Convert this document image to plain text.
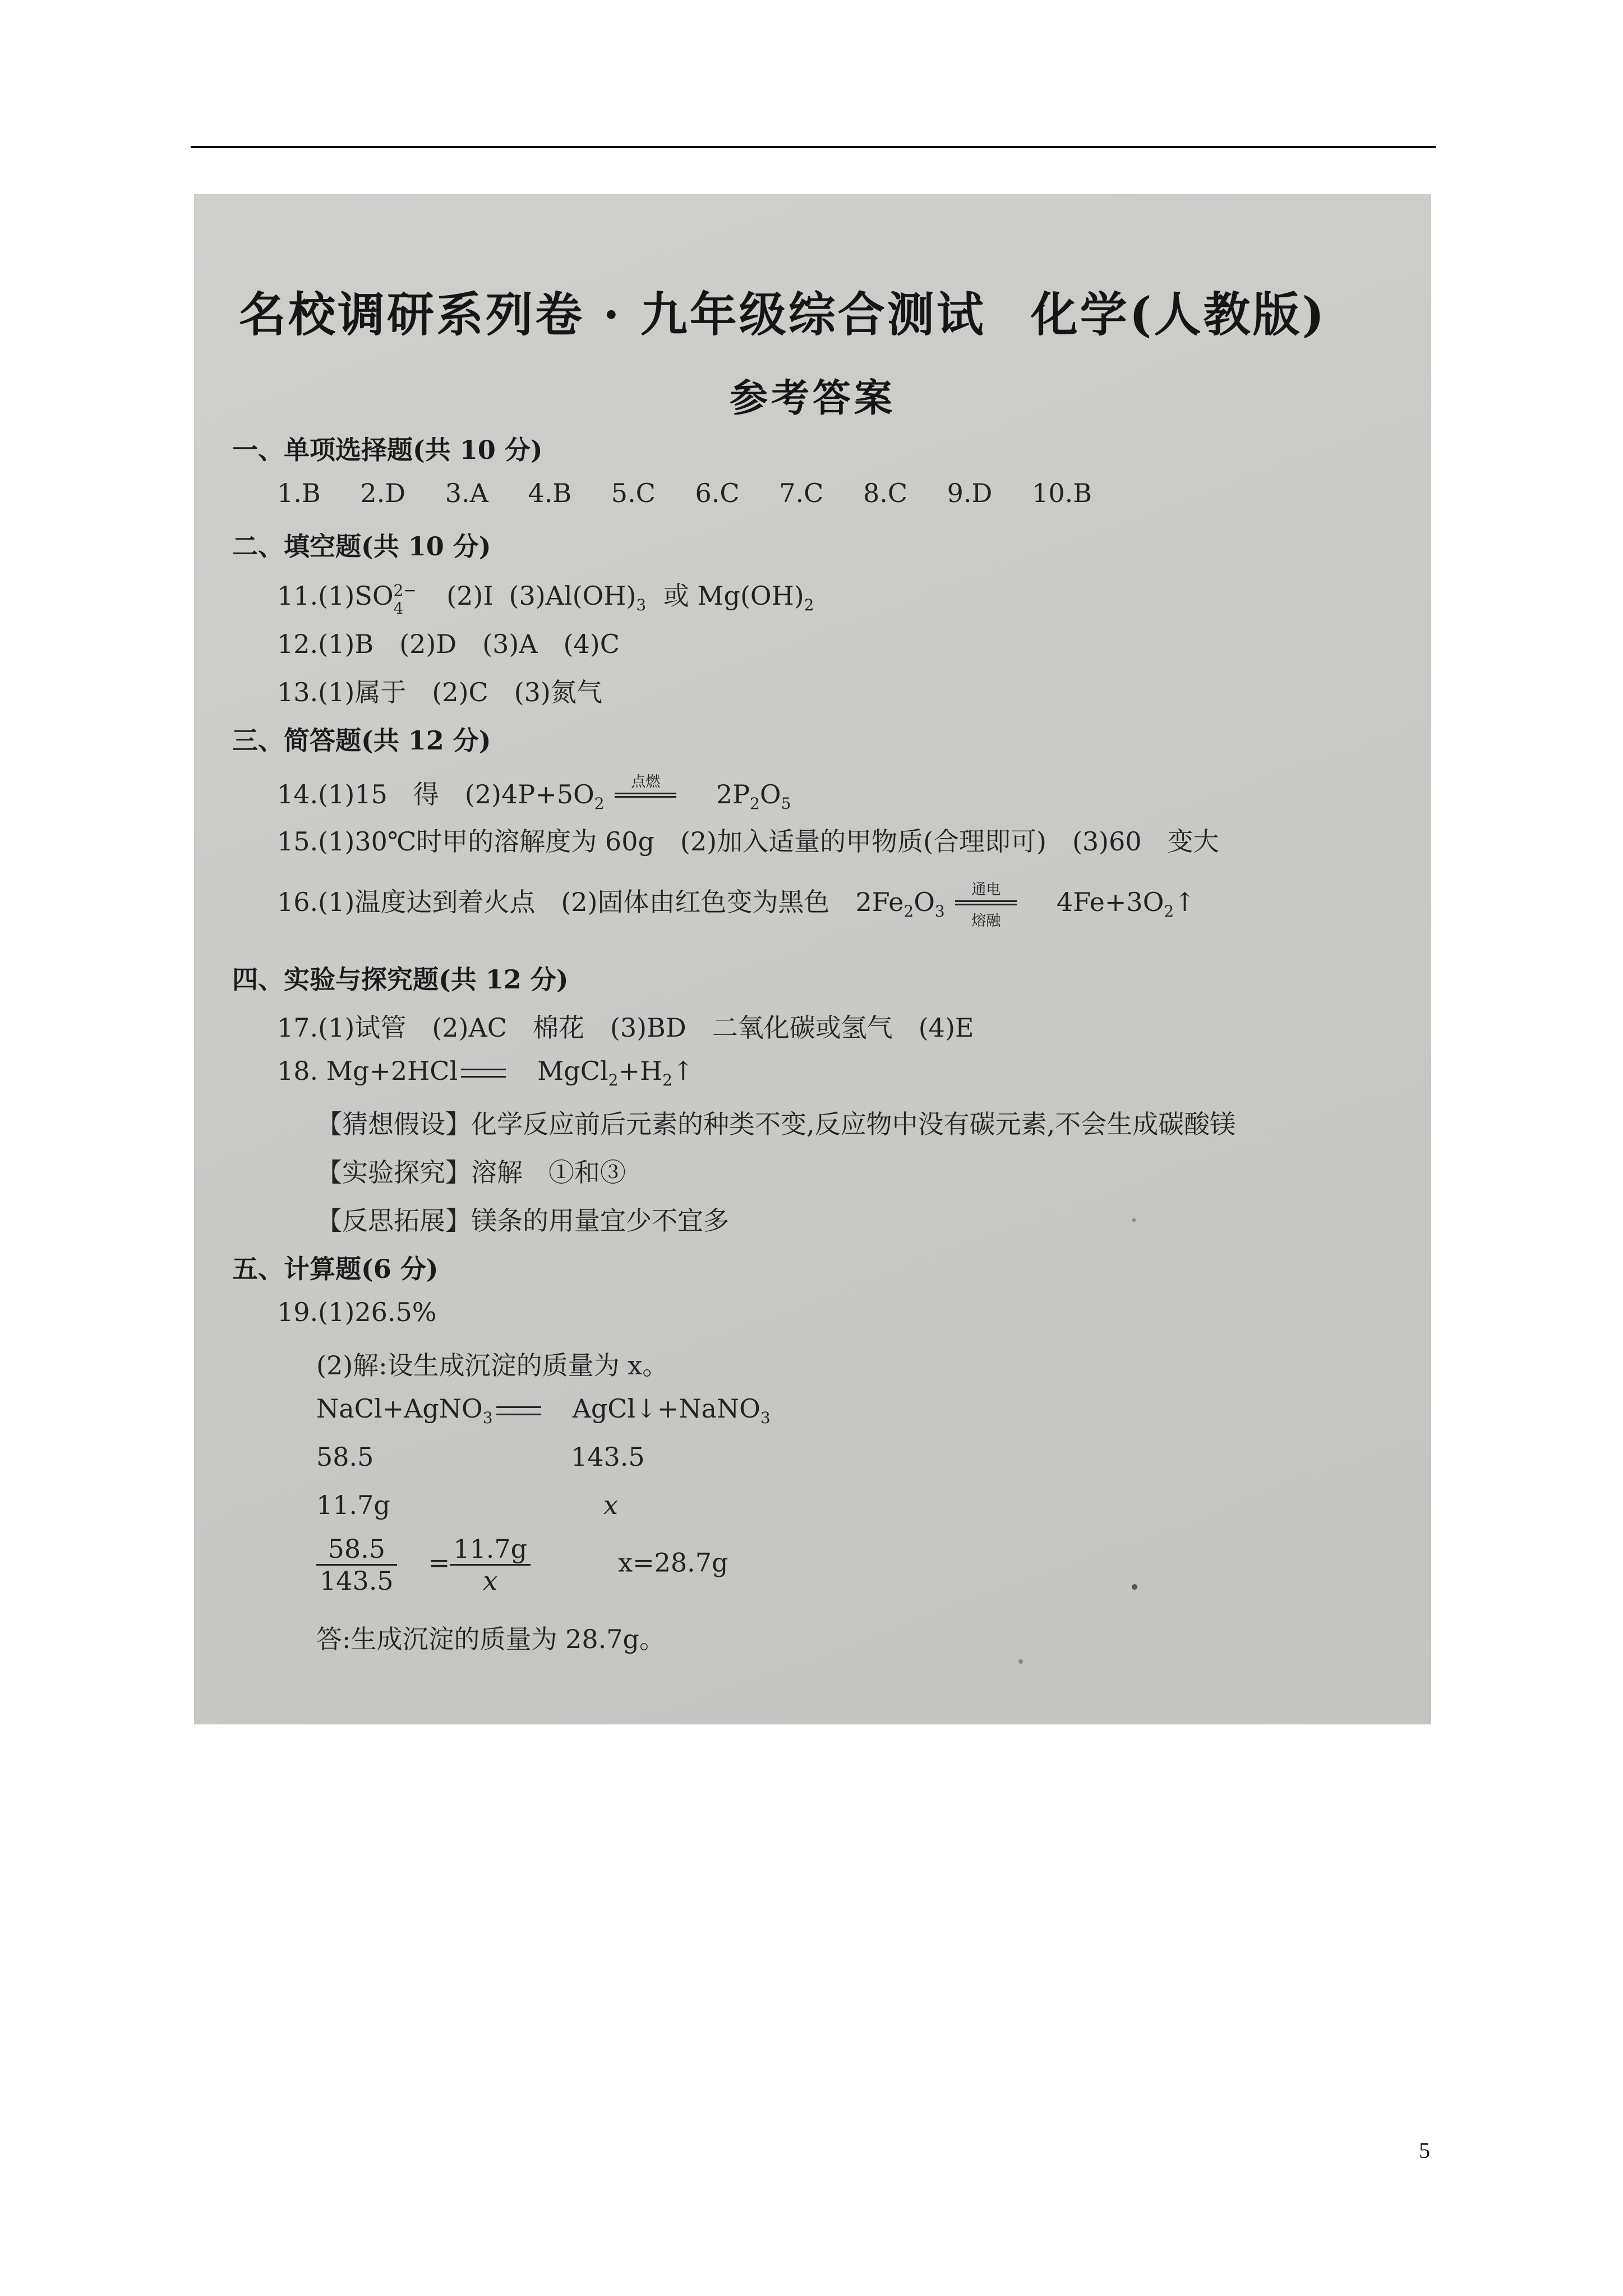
名校调研系列卷 · 九年级综合测试 化学(人教版)
参考答案
一、单项选择题(共 10 分)
1.B 2.D 3.A 4.B 5.C 6.C 7.C 8.C 9.D 10.B
二、填空题(共 10 分)
11.(1)SO 2−
4 (2)I $(3)Al(OH)_3$ 或 $Mg(OH)_2$
12.(1)B　(2)D　(3)A　(4)C
13.(1)属于　(2)C　(3)氮气
三、简答题(共 12 分)
14.(1)15　得　$(2)4P+5O_2$
点燃	$2P_2O_5$
15.(1)30℃时甲的溶解度为 60g　(2)加入适量的甲物质(合理即可)　(3)60　变大
16.(1)温度达到着火点　(2)固体由红色变为黑色　$2Fe_2O_3$
通电
熔融
$4Fe+3O_2↑$
四、实验与探究题(共 12 分)
17.(1)试管　(2)AC　棉花　(3)BD　二氧化碳或氢气　(4)E
18. Mg+2HCl	$MgCl_2+H_2↑$
【猜想假设】化学反应前后元素的种类不变,反应物中没有碳元素,不会生成碳酸镁
【实验探究】溶解　①和③
【反思拓展】镁条的用量宜少不宜多
五、计算题(6 分)
19.(1)26.5%
(2)解:设生成沉淀的质量为 x。
NaCl+AgNO$_3$	AgCl↓+NaNO$_3$
58.5	143.5
11.7g	x
$\frac{58.5}{143.5} = \frac{11.7g}{x} x=28.7g$
答:生成沉淀的质量为 28.7g。
5
